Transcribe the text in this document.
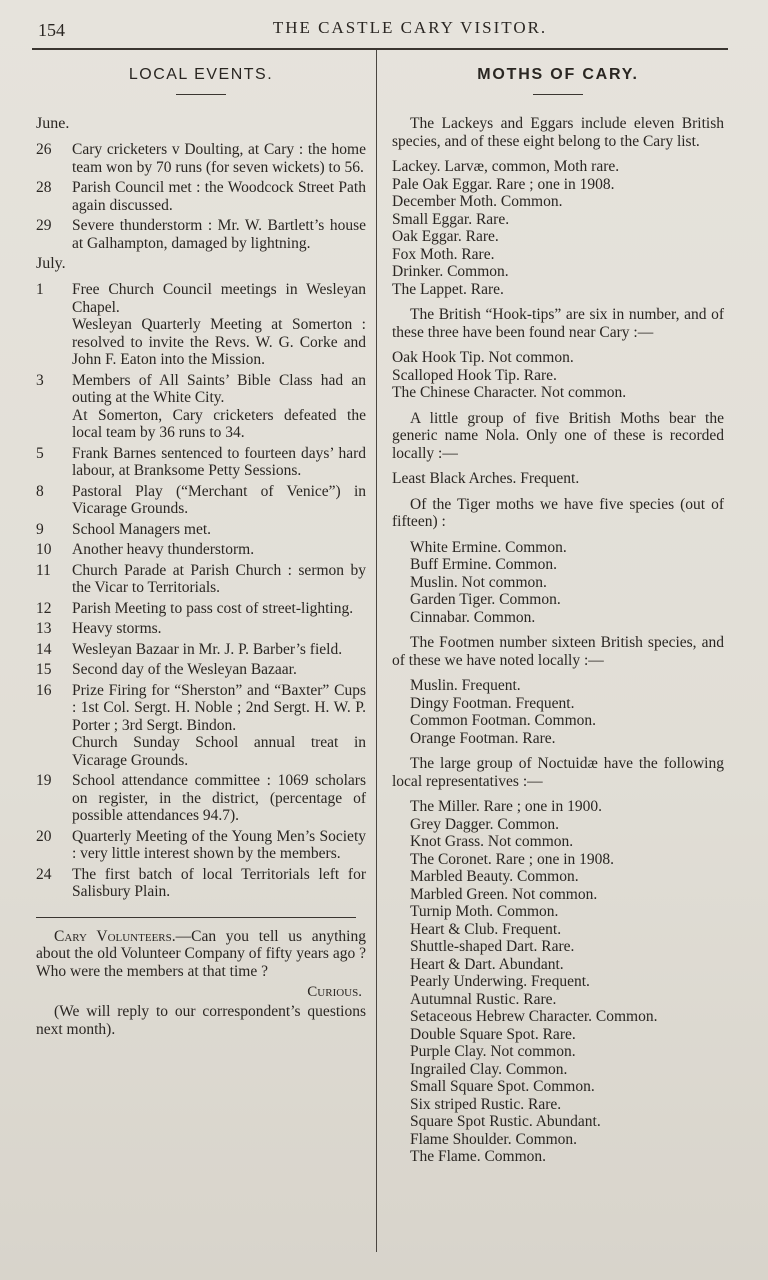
154	THE CASTLE CARY VISITOR.
LOCAL EVENTS.
June.
26	Cary cricketers v Doulting, at Cary : the home team won by 70 runs (for seven wickets) to 56.

28	Parish Council met : the Woodcock Street Path again discussed.

29	Severe thunderstorm : Mr. W. Bartlett’s house at Galhampton, damaged by lightning.

July.
1	Free Church Council meetings in Wesleyan Chapel.

Wesleyan Quarterly Meeting at Somerton : resolved to invite the Revs. W. G. Corke and John F. Eaton into the Mission.

3	Members of All Saints’ Bible Class had an outing at the White City.

At Somerton, Cary cricketers defeated the local team by 36 runs to 34.

5	Frank Barnes sentenced to fourteen days’ hard labour, at Branksome Petty Sessions.

8	Pastoral Play (“Merchant of Venice”) in Vicarage Grounds.

9	School Managers met.

10	Another heavy thunderstorm.

11	Church Parade at Parish Church : sermon by the Vicar to Territorials.

12	Parish Meeting to pass cost of street-lighting.

13	Heavy storms.

14	Wesleyan Bazaar in Mr. J. P. Barber’s field.

15	Second day of the Wesleyan Bazaar.

16	Prize Firing for “Sherston” and “Baxter” Cups : 1st Col. Sergt. H. Noble ; 2nd Sergt. H. W. P. Porter ; 3rd Sergt. Bindon.

Church Sunday School annual treat in Vicarage Grounds.

19	School attendance committee : 1069 scholars on register, in the district, (percentage of possible attendances 94.7).

20	Quarterly Meeting of the Young Men’s Society : very little interest shown by the members.

24	The first batch of local Territorials left for Salisbury Plain.

Cary Volunteers.—Can you tell us anything about the old Volunteer Company of fifty years ago ? Who were the members at that time ?

Curious.

(We will reply to our correspondent’s questions next month).

MOTHS OF CARY.

The Lackeys and Eggars include eleven British species, and of these eight belong to the Cary list.

Lackey. Larvæ, common, Moth rare.
Pale Oak Eggar. Rare ; one in 1908.
December Moth. Common.
Small Eggar. Rare.
Oak Eggar. Rare.
Fox Moth. Rare.
Drinker. Common.
The Lappet. Rare.

The British “Hook-tips” are six in number, and of these three have been found near Cary :—

Oak Hook Tip. Not common.
Scalloped Hook Tip. Rare.
The Chinese Character. Not common.

A little group of five British Moths bear the generic name Nola. Only one of these is recorded locally :—

Least Black Arches. Frequent.

Of the Tiger moths we have five species (out of fifteen) :

White Ermine. Common.
Buff Ermine. Common.
Muslin. Not common.
Garden Tiger. Common.
Cinnabar. Common.

The Footmen number sixteen British species, and of these we have noted locally :—

Muslin. Frequent.
Dingy Footman. Frequent.
Common Footman. Common.
Orange Footman. Rare.

The large group of Noctuidæ have the following local representatives :—

The Miller. Rare ; one in 1900.
Grey Dagger. Common.
Knot Grass. Not common.
The Coronet. Rare ; one in 1908.
Marbled Beauty. Common.
Marbled Green. Not common.
Turnip Moth. Common.
Heart & Club. Frequent.
Shuttle-shaped Dart. Rare.
Heart & Dart. Abundant.
Pearly Underwing. Frequent.
Autumnal Rustic. Rare.
Setaceous Hebrew Character. Common.
Double Square Spot. Rare.
Purple Clay. Not common.
Ingrailed Clay. Common.
Small Square Spot. Common.
Six striped Rustic. Rare.
Square Spot Rustic. Abundant.
Flame Shoulder. Common.
The Flame. Common.
